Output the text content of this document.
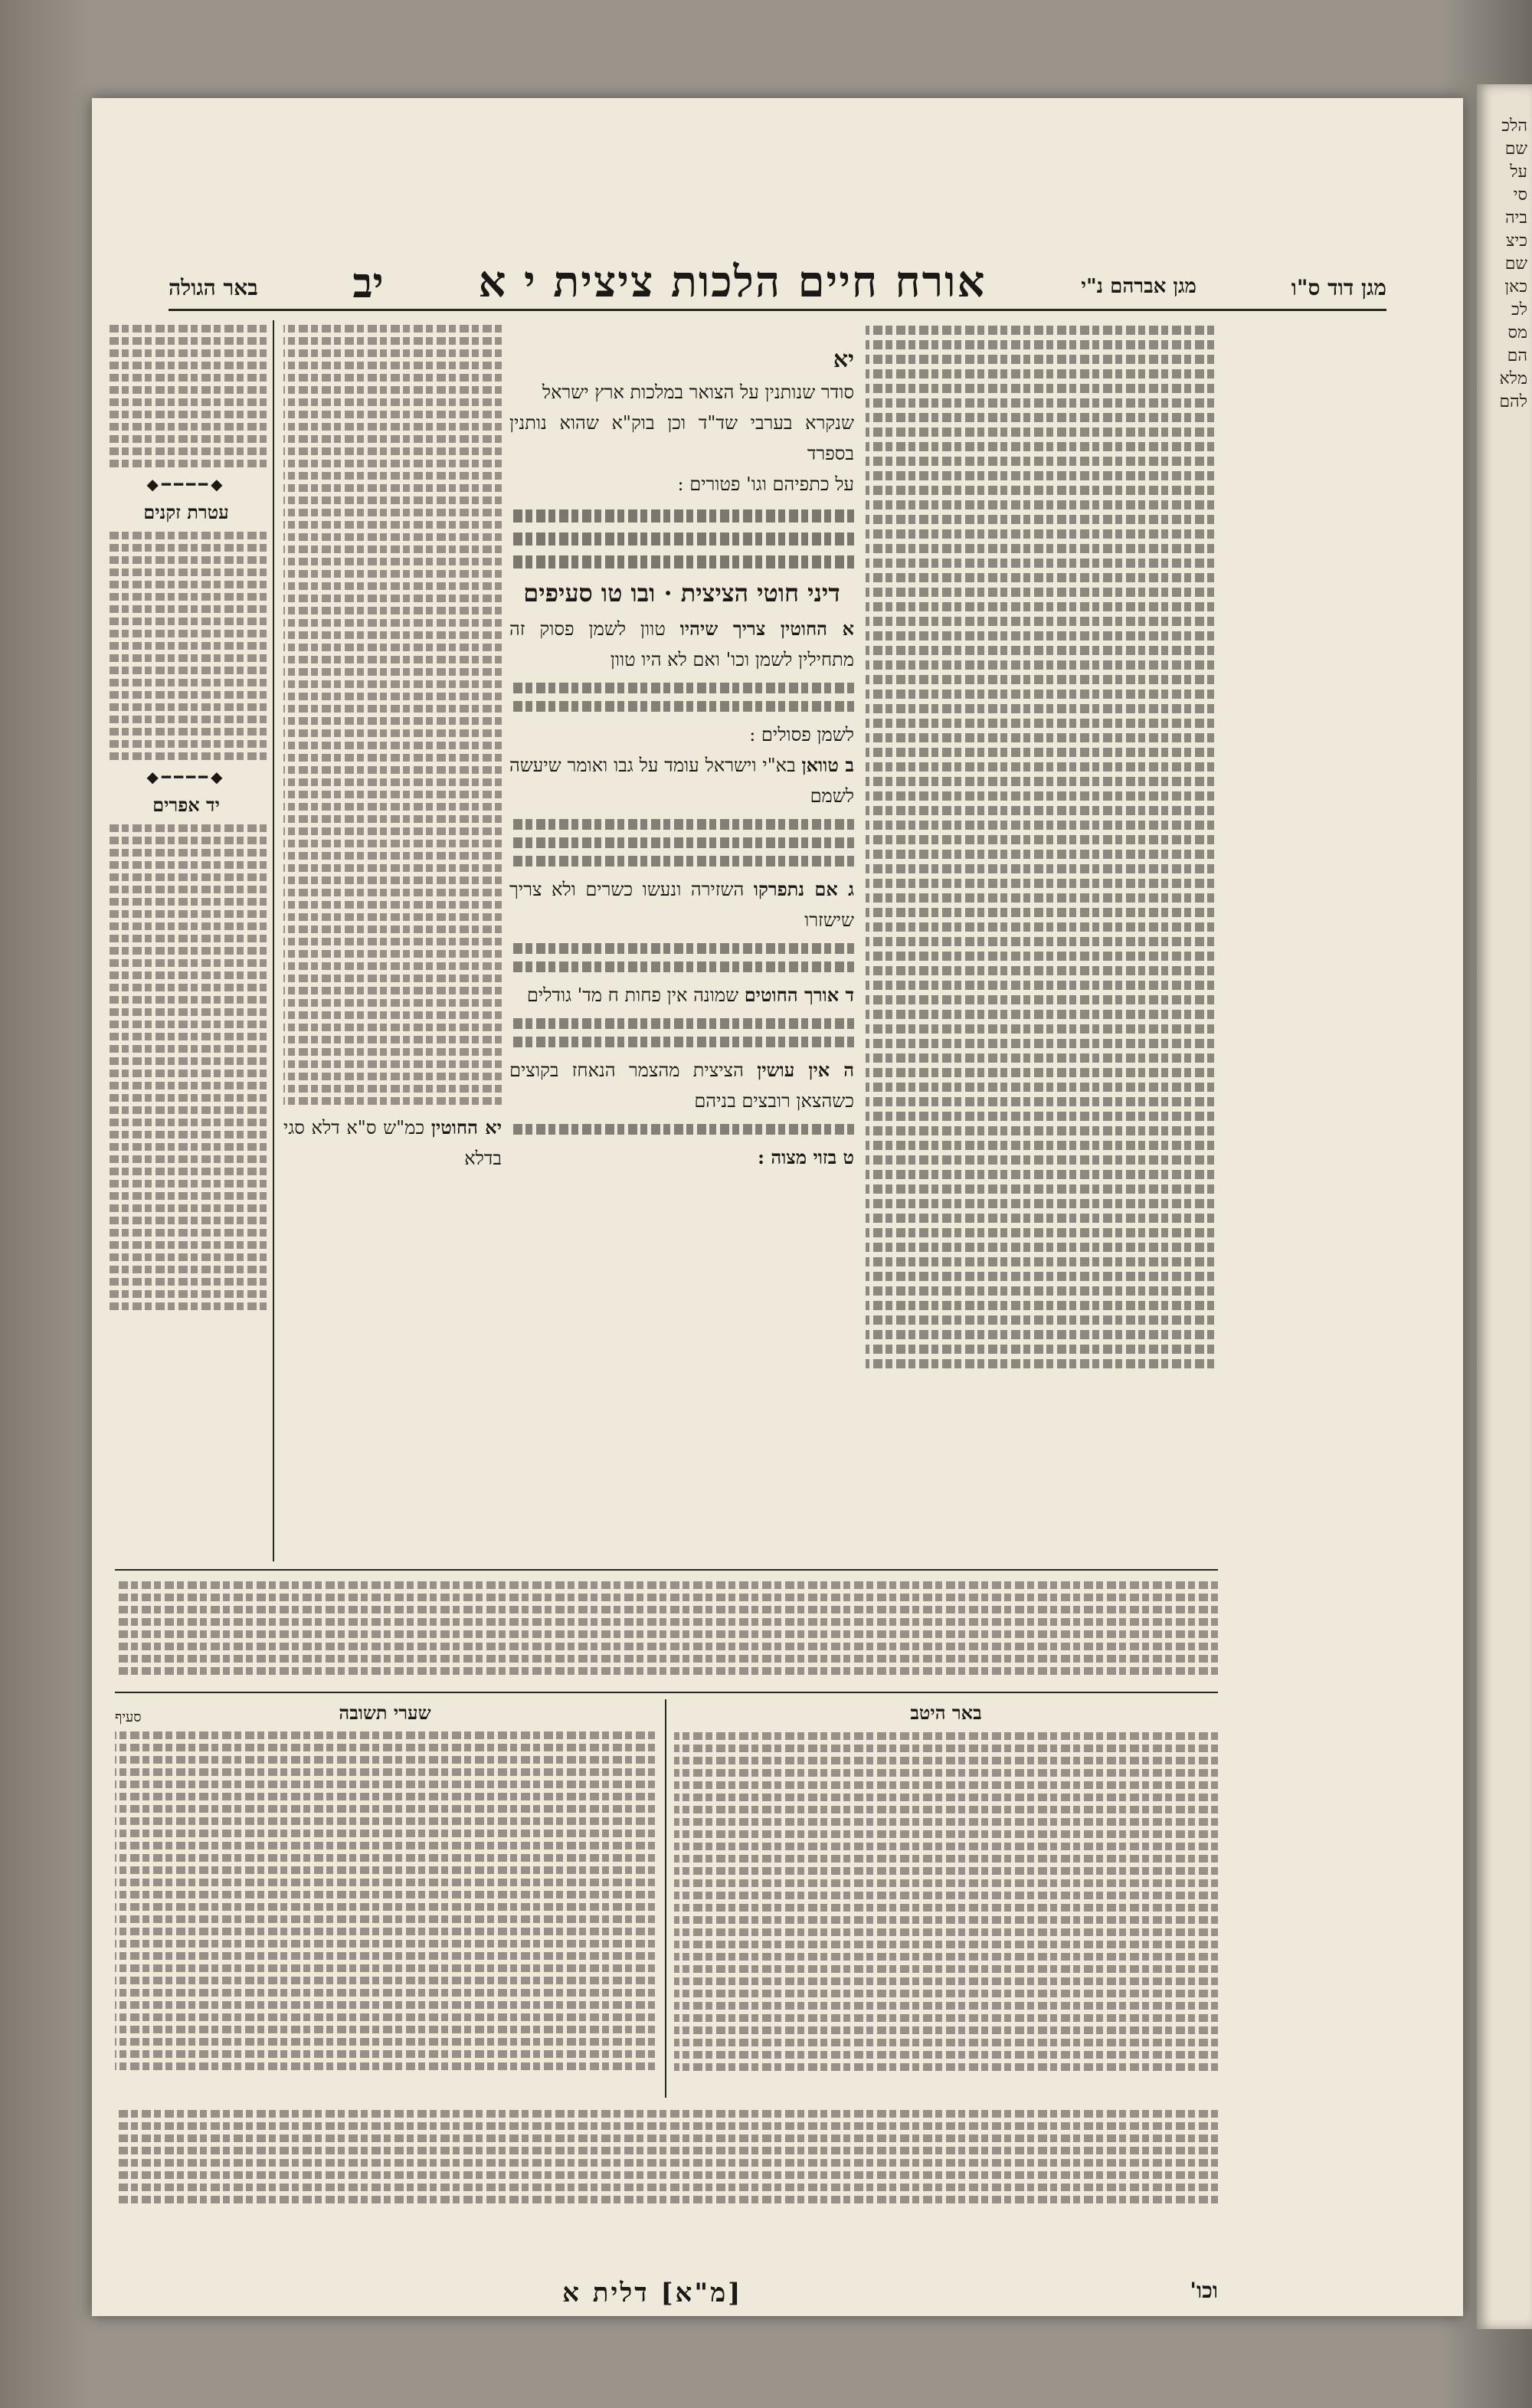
הלכ
שם
על
סי
ביה
כיצ
שם
כאן
לכ
מס
הם
מלא
להם
מגן דוד ס"ו
מגן אברהם נ"י
אורח חיים הלכות ציצית י א
יב
באר הגולה
יא
סודר שנותנין על הצואר במלכות ארץ ישראל
שנקרא בערבי שד"ד וכן בוק"א שהוא נותנין בספרד
על כתפיהם וגו' פטורים :
דיני חוטי הציצית · ובו טו סעיפים
א החוטין צריך שיהיו טוון לשמן פסוק זה מתחילין לשמן וכו' ואם לא היו טוון
לשמן פסולים :
ב טוואן בא"י וישראל עומד על גבו ואומר שיעשה לשמם
ג אם נתפרקו השזירה ונעשו כשרים ולא צריך שישזרו
ד אורך החוטים שמונה אין פחות ח מד' גודלים
ה אין עושין הציצית מהצמר הנאחז בקוצים כשהצאן רובצים בניהם
ט בזוי מצוה :
יא החוטין כמ"ש ס"א דלא סגי בדלא
◆━━━━◆
עטרת זקנים
◆━━━━◆
יד אפרים
באר היטב
שערי תשובה
סעיף
וכו'
[מ"א] דלית א
